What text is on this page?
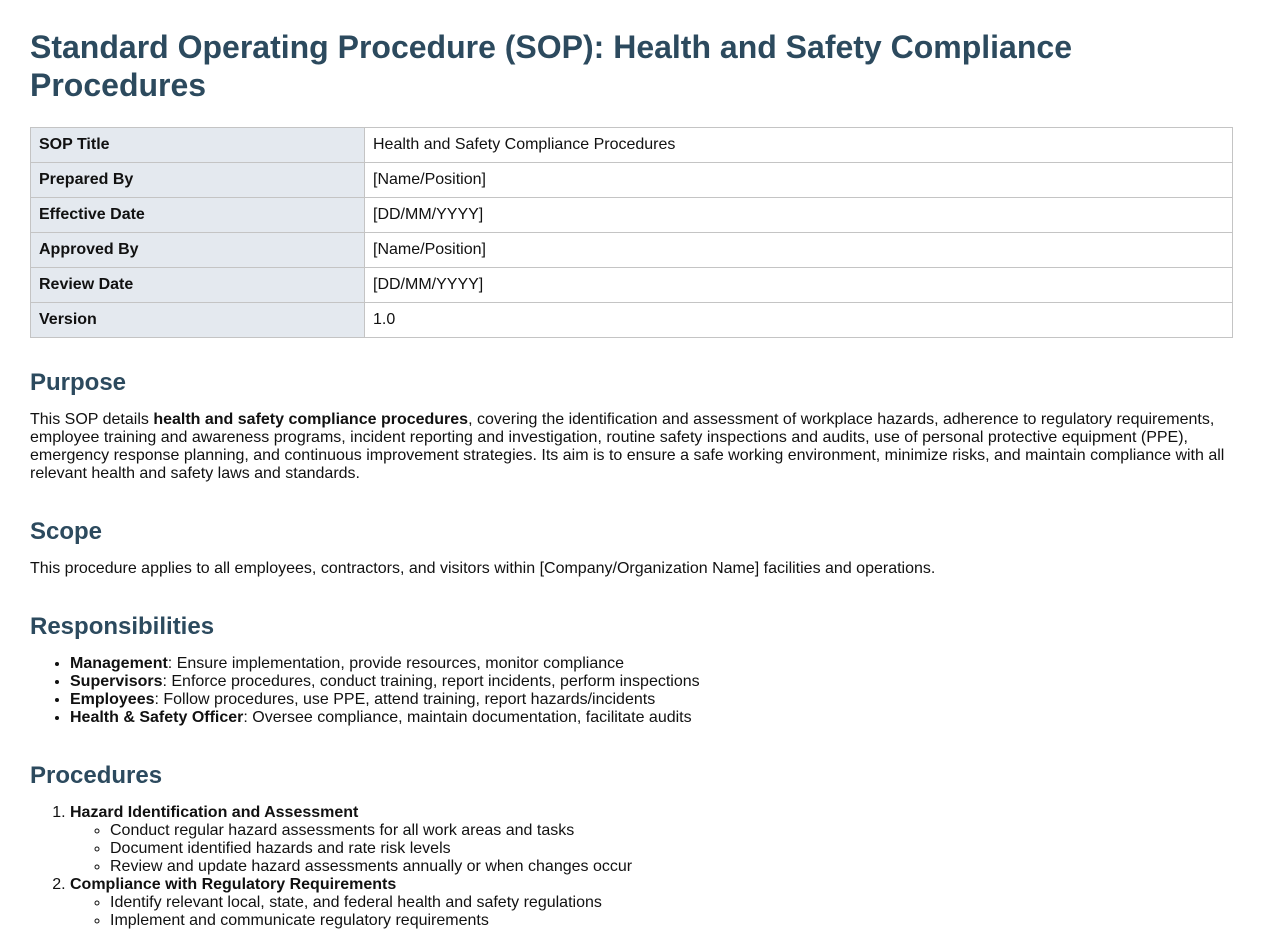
Standard Operating Procedure (SOP): Health and Safety Compliance Procedures
SOP Title	Health and Safety Compliance Procedures
Prepared By	[Name/Position]
Effective Date	[DD/MM/YYYY]
Approved By	[Name/Position]
Review Date	[DD/MM/YYYY]
Version	1.0
Purpose

This SOP details health and safety compliance procedures, covering the identification and assessment of workplace hazards, adherence to regulatory requirements, employee training and awareness programs, incident reporting and investigation, routine safety inspections and audits, use of personal protective equipment (PPE), emergency response planning, and continuous improvement strategies. Its aim is to ensure a safe working environment, minimize risks, and maintain compliance with all relevant health and safety laws and standards.

Scope

This procedure applies to all employees, contractors, and visitors within [Company/Organization Name] facilities and operations.

Responsibilities
• Management: Ensure implementation, provide resources, monitor compliance
• Supervisors: Enforce procedures, conduct training, report incidents, perform inspections
• Employees: Follow procedures, use PPE, attend training, report hazards/incidents
• Health & Safety Officer: Oversee compliance, maintain documentation, facilitate audits
Procedures
1. Hazard Identification and Assessment
◦ Conduct regular hazard assessments for all work areas and tasks
◦ Document identified hazards and rate risk levels
◦ Review and update hazard assessments annually or when changes occur
2. Compliance with Regulatory Requirements
◦ Identify relevant local, state, and federal health and safety regulations
◦ Implement and communicate regulatory requirements
